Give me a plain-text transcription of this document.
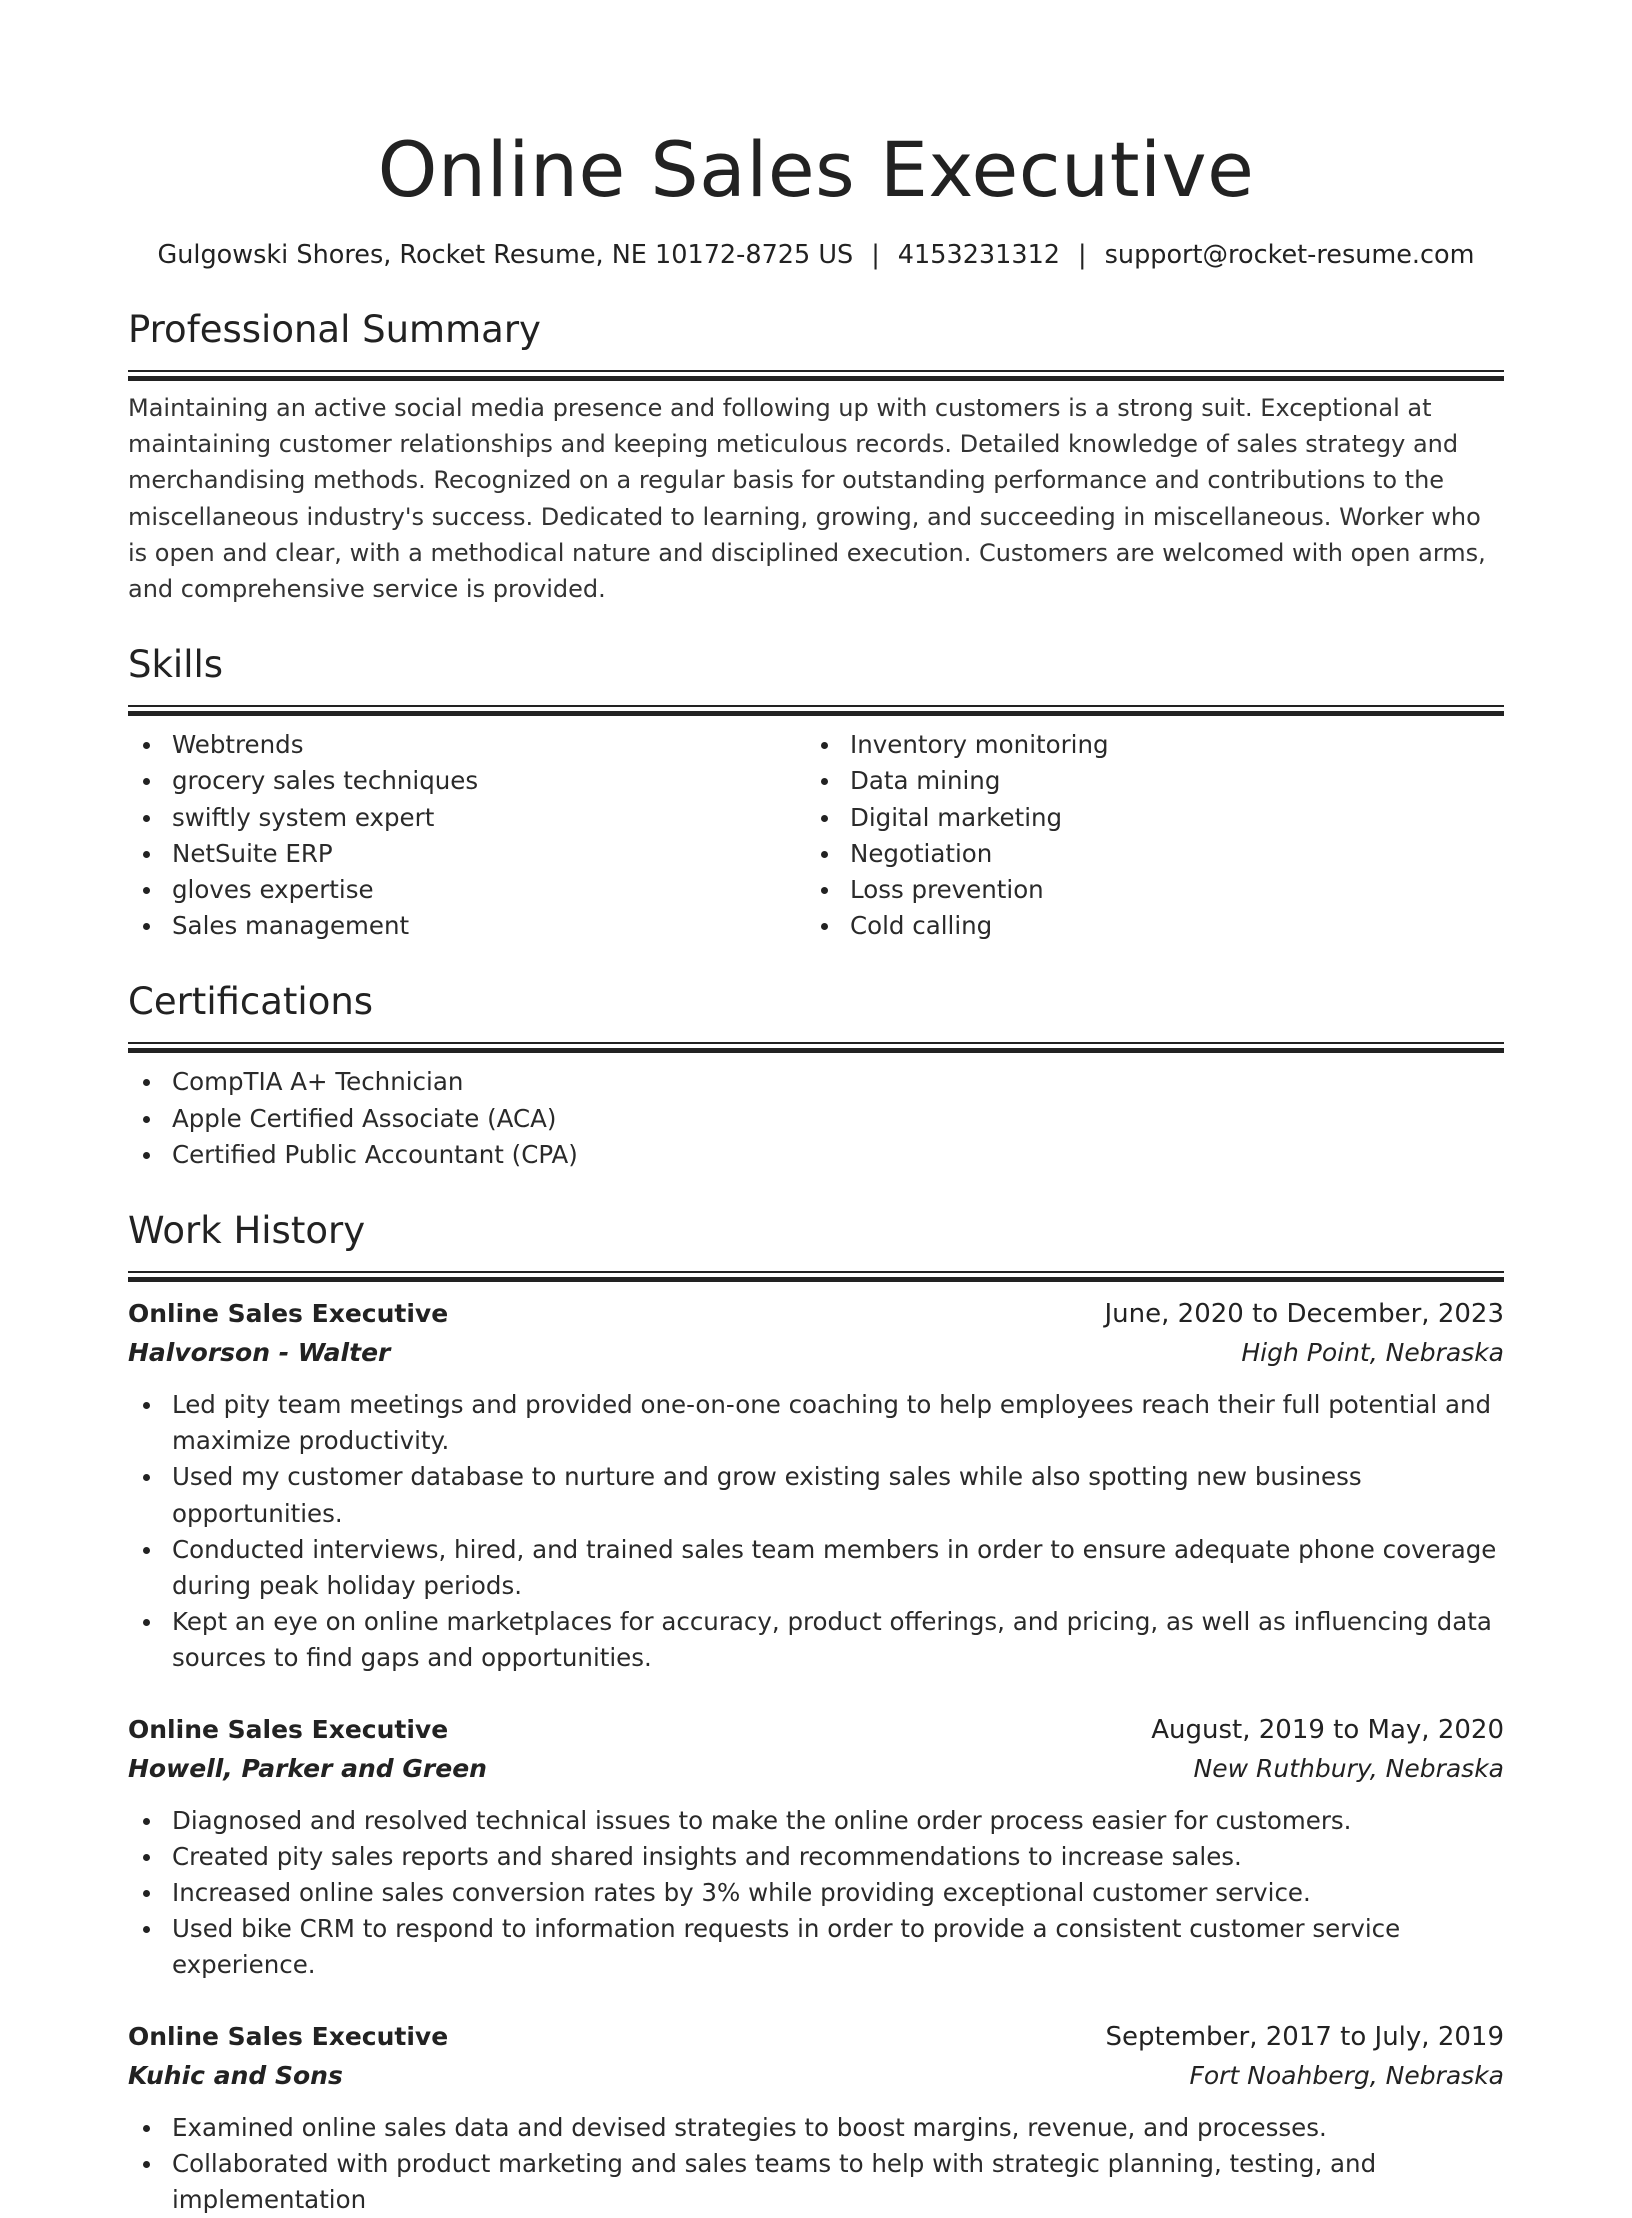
Online Sales Executive
Gulgowski Shores, Rocket Resume, NE 10172-8725 US | 4153231312 | support@rocket-resume.com
Professional Summary

Maintaining an active social media presence and following up with customers is a strong suit. Exceptional at maintaining customer relationships and keeping meticulous records. Detailed knowledge of sales strategy and merchandising methods. Recognized on a regular basis for outstanding performance and contributions to the miscellaneous industry's success. Dedicated to learning, growing, and succeeding in miscellaneous. Worker who is open and clear, with a methodical nature and disciplined execution. Customers are welcomed with open arms, and comprehensive service is provided.

Skills
Webtrends
grocery sales techniques
swiftly system expert
NetSuite ERP
gloves expertise
Sales management
Inventory monitoring
Data mining
Digital marketing
Negotiation
Loss prevention
Cold calling
Certifications
CompTIA A+ Technician
Apple Certified Associate (ACA)
Certified Public Accountant (CPA)
Work History
Online Sales Executive	June, 2020 to December, 2023
Halvorson - Walter	High Point, Nebraska
Led pity team meetings and provided one-on-one coaching to help employees reach their full potential and maximize productivity.
Used my customer database to nurture and grow existing sales while also spotting new business opportunities.
Conducted interviews, hired, and trained sales team members in order to ensure adequate phone coverage during peak holiday periods.
Kept an eye on online marketplaces for accuracy, product offerings, and pricing, as well as influencing data sources to find gaps and opportunities.
Online Sales Executive	August, 2019 to May, 2020
Howell, Parker and Green	New Ruthbury, Nebraska
Diagnosed and resolved technical issues to make the online order process easier for customers.
Created pity sales reports and shared insights and recommendations to increase sales.
Increased online sales conversion rates by 3% while providing exceptional customer service.
Used bike CRM to respond to information requests in order to provide a consistent customer service experience.
Online Sales Executive	September, 2017 to July, 2019
Kuhic and Sons	Fort Noahberg, Nebraska
Examined online sales data and devised strategies to boost margins, revenue, and processes.
Collaborated with product marketing and sales teams to help with strategic planning, testing, and implementation
